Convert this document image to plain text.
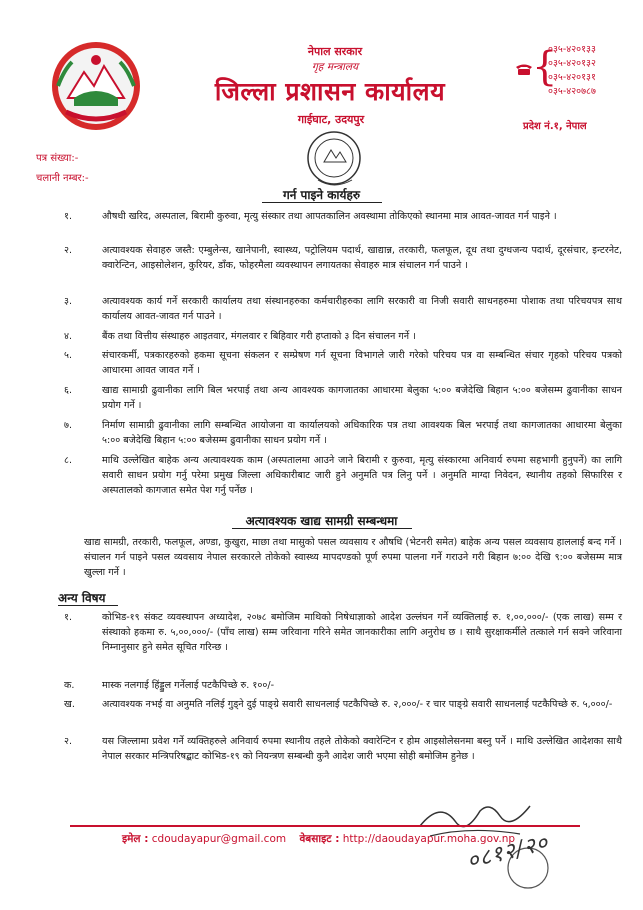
नेपाल सरकार
गृह मन्त्रालय
जिल्ला प्रशासन कार्यालय
गाईघाट, उदयपुर
{
०३५-४२०१३३
०३५-४२०१३२
०३५-४२०१३१
०३५-४२०७८७
प्रदेश नं.१, नेपाल
पत्र संख्या:-
चलानी नम्बर:-
गर्न पाइने कार्यहरु
१.	औषधी खरिद, अस्पताल, बिरामी कुरुवा, मृत्यु संस्कार तथा आपतकालिन अवस्थामा तोकिएको स्थानमा मात्र आवत-जावत गर्न पाइने ।
२.	अत्यावश्यक सेवाहरु जस्तै: एम्बुलेन्स, खानेपानी, स्वास्थ्य, पट्रोलियम पदार्थ, खाद्यान्न, तरकारी, फलफूल, दूध तथा दुग्धजन्य पदार्थ, दूरसंचार, इन्टरनेट, क्वारेन्टिन, आइसोलेशन, कुरियर, डाँक, फोहरमैला व्यवस्थापन लगायतका सेवाहरु मात्र संचालन गर्न पाउने ।
३.	अत्यावश्यक कार्य गर्ने सरकारी कार्यालय तथा संस्थानहरुका कर्मचारीहरुका लागि सरकारी वा निजी सवारी साधनहरुमा पोशाक तथा परिचयपत्र साथ कार्यालय आवत-जावत गर्न पाउने ।
४.	बैंक तथा वित्तीय संस्थाहरु आइतवार, मंगलवार र बिहिवार गरी हप्ताको ३ दिन संचालन गर्ने ।
५.	संचारकर्मी, पत्रकारहरुको हकमा सूचना संकलन र सम्प्रेषण गर्न सूचना विभागले जारी गरेको परिचय पत्र वा सम्बन्धित संचार गृहको परिचय पत्रको आधारमा आवत जावत गर्ने ।
६.	खाद्य सामाग्री ढुवानीका लागि बिल भरपाई तथा अन्य आवश्यक कागजातका आधारमा बेलुका ५:०० बजेदेखि बिहान ५:०० बजेसम्म ढुवानीका साधन प्रयोग गर्ने ।
७.	निर्माण सामाग्री ढुवानीका लागि सम्बन्धित आयोजना वा कार्यालयको अधिकारिक पत्र तथा आवश्यक बिल भरपाई तथा कागजातका आधारमा बेलुका ५:०० बजेदेखि बिहान ५:०० बजेसम्म ढुवानीका साधन प्रयोग गर्ने ।
८.	माथि उल्लेखित बाहेक अन्य अत्यावश्यक काम (अस्पतालमा आउने जाने बिरामी र कुरुवा, मृत्यु संस्कारमा अनिवार्य रुपमा सहभागी हुनुपर्ने) का लागि सवारी साधन प्रयोग गर्नु परेमा प्रमुख जिल्ला अधिकारीबाट जारी हुने अनुमति पत्र लिनु पर्ने । अनुमति माग्दा निवेदन, स्थानीय तहको सिफारिस र अस्पतालको कागजात समेत पेश गर्नु पर्नेछ ।
अत्यावश्यक खाद्य सामग्री सम्बन्धमा
खाद्य सामग्री, तरकारी, फलफूल, अण्डा, कुखुरा, माछा तथा मासुको पसल व्यवसाय र औषधि (भेटनरी समेत) बाहेक अन्य पसल व्यवसाय हाललाई बन्द गर्ने । संचालन गर्न पाइने पसल व्यवसाय नेपाल सरकारले तोकेको स्वास्थ्य मापदण्डको पूर्ण रुपमा पालना गर्ने गराउने गरी बिहान ७:०० देखि ९:०० बजेसम्म मात्र खुल्ला गर्ने ।
अन्य विषय
१.	कोभिड-१९ संकट व्यवस्थापन अध्यादेश, २०७८ बमोजिम माथिको निषेधाज्ञाको आदेश उल्लंघन गर्ने व्यक्तिलाई रु. १,००,०००/- (एक लाख) सम्म र संस्थाको हकमा रु. ५,००,०००/- (पाँच लाख) सम्म जरिवाना गरिने समेत जानकारीका लागि अनुरोध छ । साथै सुरक्षाकर्मीले तत्काले गर्न सक्ने जरिवाना निम्नानुसार हुने समेत सूचित गरिन्छ ।
क.	मास्क नलगाई हिंड्डुल गर्नेलाई पटकैपिच्छे रु. १००/-
ख.	अत्यावश्यक नभई वा अनुमति नलिई गुड्ने दुई पाङ्ग्रे सवारी साधनलाई पटकैपिच्छे रु. २,०००/- र चार पाङ्ग्रे सवारी साधनलाई पटकैपिच्छे रु. ५,०००/-
२.	यस जिल्लामा प्रवेश गर्ने व्यक्तिहरुले अनिवार्य रुपमा स्थानीय तहले तोकेको क्वारेन्टिन र होम आइसोलेसनमा बस्नु पर्ने । माथि उल्लेखित आदेशका साथै नेपाल सरकार मन्त्रिपरिषद्बाट कोभिड-१९ को नियन्त्रण सम्बन्धी कुनै आदेश जारी भएमा सोही बमोजिम हुनेछ ।
०८१२/२०
इमेल : cdoudayapur@gmail.com वेबसाइट : http://daoudayapur.moha.gov.np
